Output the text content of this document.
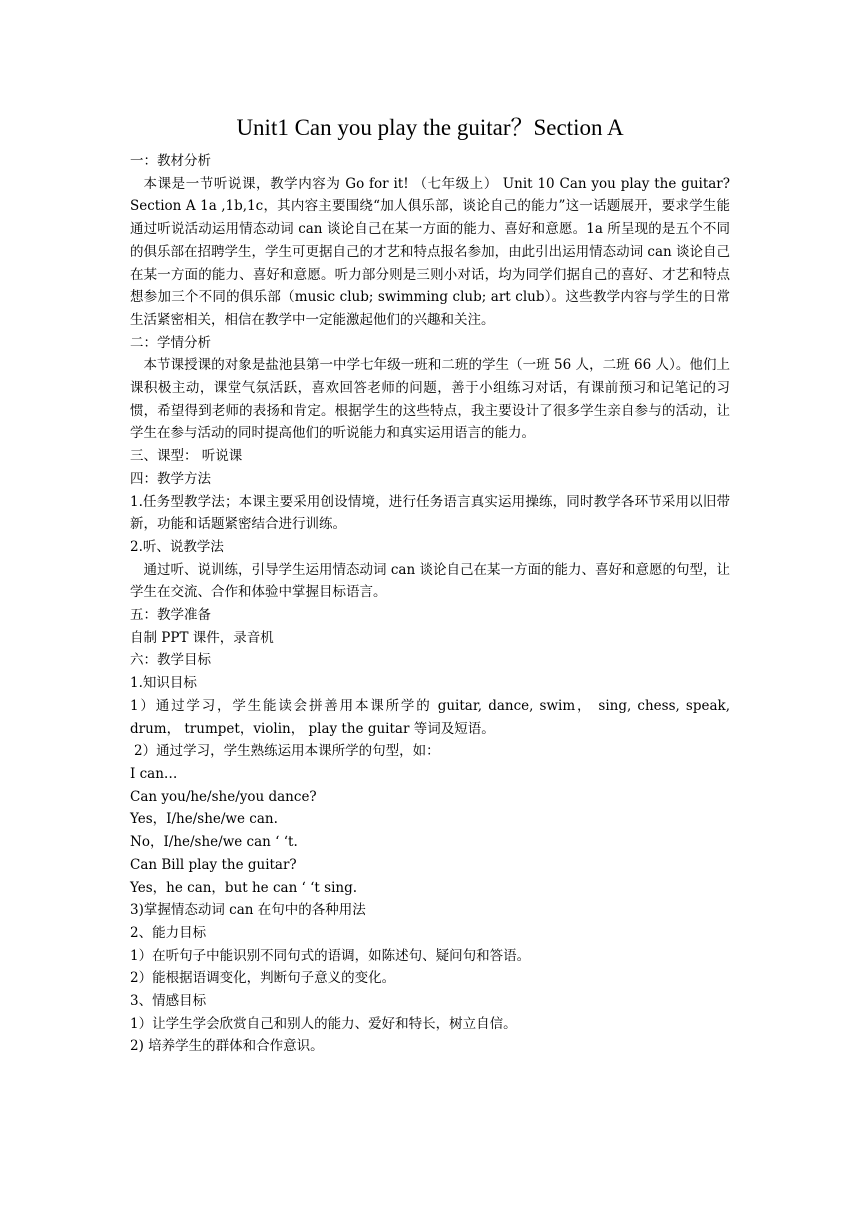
Unit1 Can you play the guitar？Section A

一：教材分析

本课是一节听说课，教学内容为 Go for it! （七年级上） Unit 10 Can you play the guitar? Section A 1a ,1b,1c，其内容主要围绕“加人俱乐部，谈论自己的能力”这一话题展开，要求学生能通过听说活动运用情态动词 can 谈论自己在某一方面的能力、喜好和意愿。1a 所呈现的是五个不同的俱乐部在招聘学生，学生可更据自己的才艺和特点报名参加，由此引出运用情态动词 can 谈论自己在某一方面的能力、喜好和意愿。听力部分则是三则小对话，均为同学们据自己的喜好、才艺和特点想参加三个不同的俱乐部（music club; swimming club; art club）。这些教学内容与学生的日常生活紧密相关，相信在教学中一定能激起他们的兴趣和关注。

二：学情分析

本节课授课的对象是盐池县第一中学七年级一班和二班的学生（一班 56 人，二班 66 人）。他们上课积极主动，课堂气氛活跃，喜欢回答老师的问题，善于小组练习对话，有课前预习和记笔记的习惯，希望得到老师的表扬和肯定。根据学生的这些特点，我主要设计了很多学生亲自参与的活动，让学生在参与活动的同时提高他们的听说能力和真实运用语言的能力。

三、课型： 听说课

四：教学方法

1.任务型教学法；本课主要采用创设情境，进行任务语言真实运用操练，同时教学各环节采用以旧带新，功能和话题紧密结合进行训练。

2.听、说教学法

通过听、说训练，引导学生运用情态动词 can 谈论自己在某一方面的能力、喜好和意愿的句型，让学生在交流、合作和体验中掌握目标语言。

五：教学准备

自制 PPT 课件，录音机

六：教学目标

1.知识目标

1）通过学习，学生能读会拼善用本课所学的 guitar, dance, swim， sing, chess, speak, drum， trumpet，violin， play the guitar 等词及短语。

2）通过学习，学生熟练运用本课所学的句型，如：

I can…

Can you/he/she/you dance?

Yes，I/he/she/we can.

No，I/he/she/we can ‘ ‘t.

Can Bill play the guitar?

Yes，he can，but he can ‘ ‘t sing.

3)掌握情态动词 can 在句中的各种用法

2、能力目标

1）在听句子中能识别不同句式的语调，如陈述句、疑问句和答语。

2）能根据语调变化，判断句子意义的变化。

3、情感目标

1）让学生学会欣赏自己和别人的能力、爱好和特长，树立自信。

2) 培养学生的群体和合作意识。
